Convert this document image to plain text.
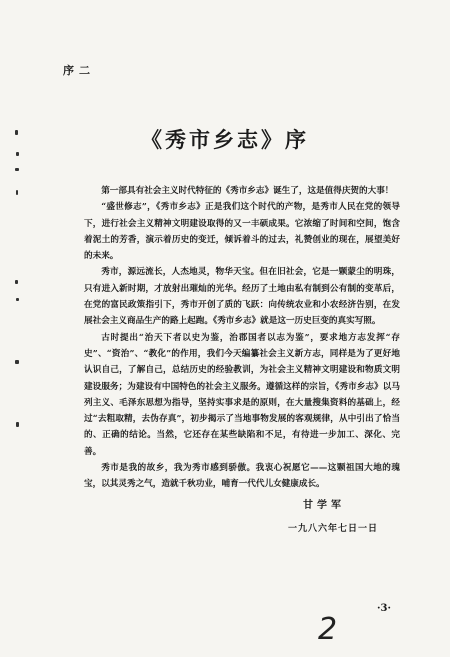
序二
《秀市乡志》序

第一部具有社会主义时代特征的《秀市乡志》诞生了，这是值得庆贺的大事！

“盛世修志”，《秀市乡志》正是我们这个时代的产物，是秀市人民在党的领导下，进行社会主义精神文明建设取得的又一丰硕成果。它浓缩了时间和空间，饱含着泥土的芳香，演示着历史的变迁，倾诉着斗的过去，礼赞创业的现在，展望美好的未来。

秀市，源远流长，人杰地灵，物华天宝。但在旧社会，它是一颗蒙尘的明珠，只有进入新时期，才放射出璀灿的光华。经历了土地由私有制到公有制的变革后，在党的富民政策指引下，秀市开创了质的飞跃：向传统农业和小农经济告别，在发展社会主义商品生产的路上起跑。《秀市乡志》就是这一历史巨变的真实写照。

古时提出“治天下者以史为鉴，治郡国者以志为鉴”，要求地方志发挥“存史”、“资治”、“教化”的作用，我们今天编纂社会主义新方志，同样是为了更好地认识自己，了解自己，总结历史的经验教训，为社会主义精神文明建设和物质文明建设服务；为建设有中国特色的社会主义服务。遵循这样的宗旨，《秀市乡志》以马列主义、毛泽东思想为指导，坚持实事求是的原则，在大量搜集资料的基础上，经过“去粗取精，去伪存真”，初步揭示了当地事物发展的客观规律，从中引出了恰当的、正确的结论。当然，它还存在某些缺陷和不足，有待进一步加工、深化、完善。

秀市是我的故乡，我为秀市感到骄傲。我衷心祝愿它——这颗祖国大地的瑰宝，以其灵秀之气，造就千秋功业，哺育一代代儿女健康成长。

甘学军
一九八六年七日一日
·3·
2
